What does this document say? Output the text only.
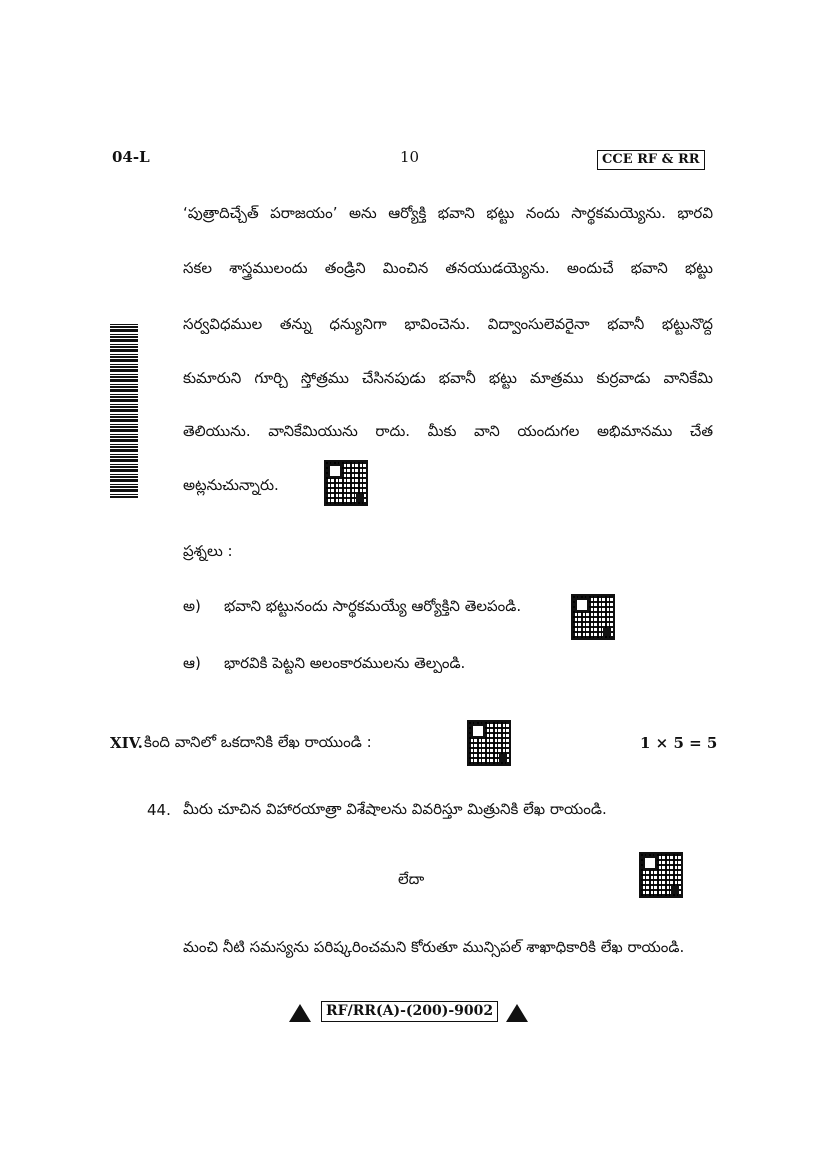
04-L	10	CCE RF & RR
‘పుత్రాదిచ్చేత్ పరాజయం’ అను ఆర్యోక్తి భవాని భట్టు నందు సార్థకమయ్యెను. భారవి
సకల శాస్త్రములందు తండ్రిని మించిన తనయుడయ్యెను. అందుచే భవాని భట్టు
సర్వవిధముల తన్ను ధన్యునిగా భావించెను. విద్వాంసులెవరైనా భవానీ భట్టునొద్ద
కుమారుని గూర్చి స్తోత్రము చేసినపుడు భవానీ భట్టు మాత్రము కుర్రవాడు వానికేమి
తెలియును. వానికేమియును రాదు. మీకు వాని యందుగల అభిమానము చేత
అట్లనుచున్నారు.
ప్రశ్నలు :
అ) భవాని భట్టునందు సార్థకమయ్యే ఆర్యోక్తిని తెలపండి.
ఆ) భారవికి పెట్టని అలంకారములను తెల్పండి.
XIV. కింది వానిలో ఒకదానికి లేఖ రాయుండి :	1 × 5 = 5
44. మీరు చూచిన విహారయాత్రా విశేషాలను వివరిస్తూ మిత్రునికి లేఖ రాయండి.
లేదా
మంచి నీటి సమస్యను పరిష్కరించమని కోరుతూ మున్సిపల్ శాఖాధికారికి లేఖ రాయండి.
RF/RR(A)-(200)-9002
